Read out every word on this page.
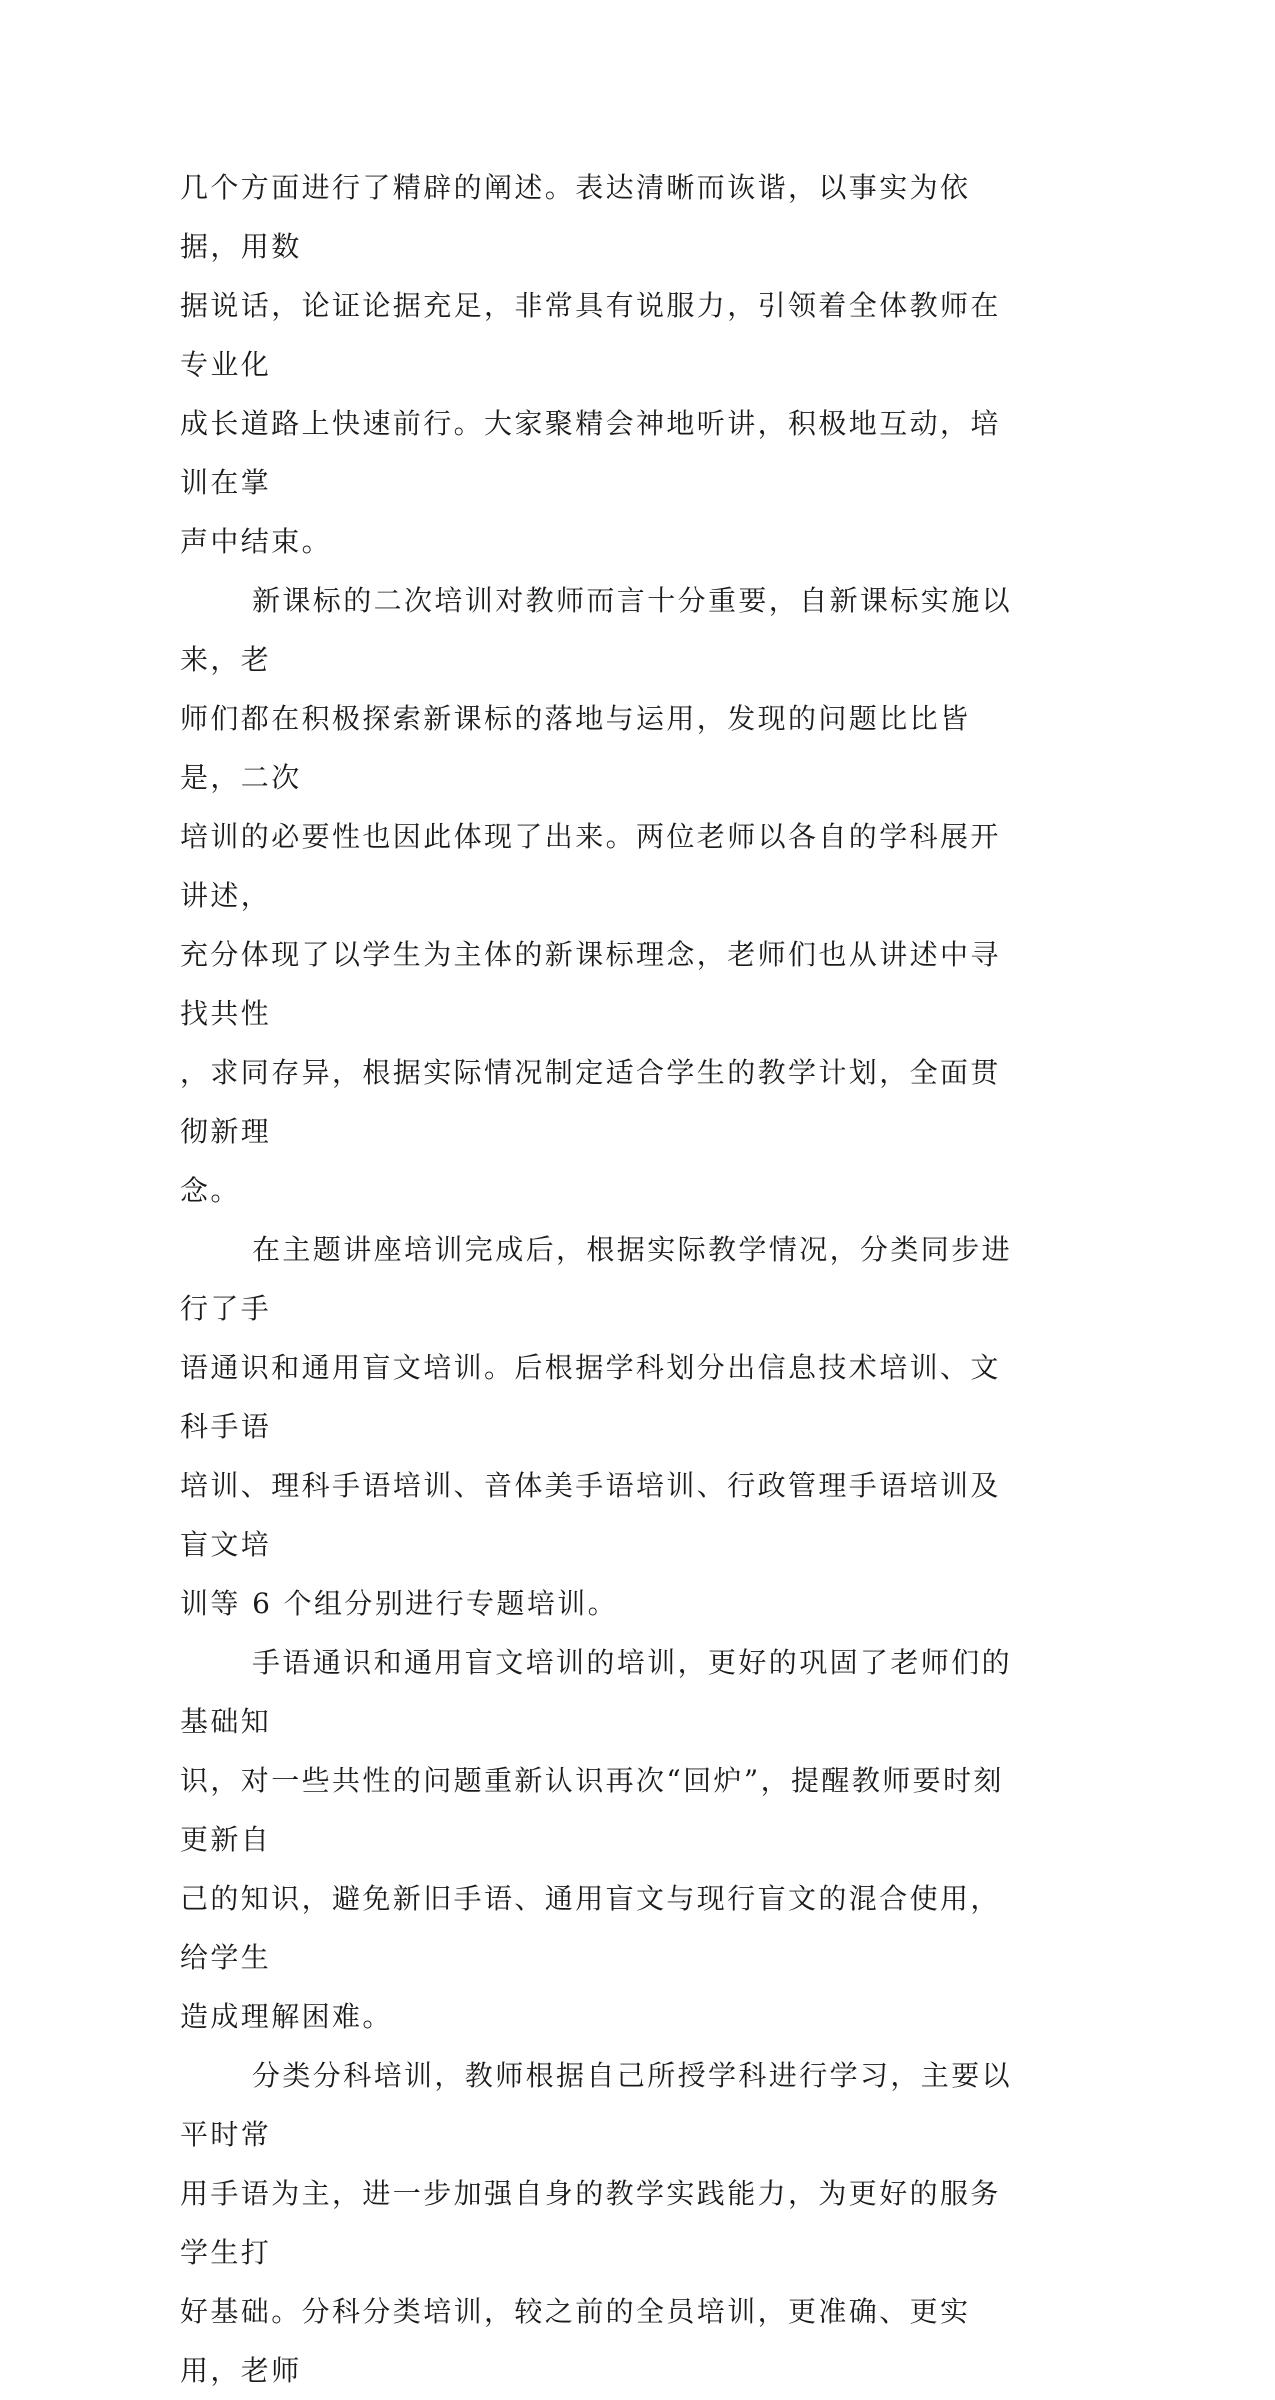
几个方面进行了精辟的阐述。表达清晰而诙谐，以事实为依据，用数
据说话，论证论据充足，非常具有说服力，引领着全体教师在专业化
成长道路上快速前行。大家聚精会神地听讲，积极地互动，培训在掌
声中结束。

新课标的二次培训对教师而言十分重要，自新课标实施以来，老
师们都在积极探索新课标的落地与运用，发现的问题比比皆是，二次
培训的必要性也因此体现了出来。两位老师以各自的学科展开讲述，
充分体现了以学生为主体的新课标理念，老师们也从讲述中寻找共性
，求同存异，根据实际情况制定适合学生的教学计划，全面贯彻新理
念。

在主题讲座培训完成后，根据实际教学情况，分类同步进行了手
语通识和通用盲文培训。后根据学科划分出信息技术培训、文科手语
培训、理科手语培训、音体美手语培训、行政管理手语培训及盲文培
训等 6 个组分别进行专题培训。

手语通识和通用盲文培训的培训，更好的巩固了老师们的基础知
识，对一些共性的问题重新认识再次“回炉”，提醒教师要时刻更新自
己的知识，避免新旧手语、通用盲文与现行盲文的混合使用，给学生
造成理解困难。

分类分科培训，教师根据自己所授学科进行学习，主要以平时常
用手语为主，进一步加强自身的教学实践能力，为更好的服务学生打
好基础。分科分类培训，较之前的全员培训，更准确、更实用，老师
